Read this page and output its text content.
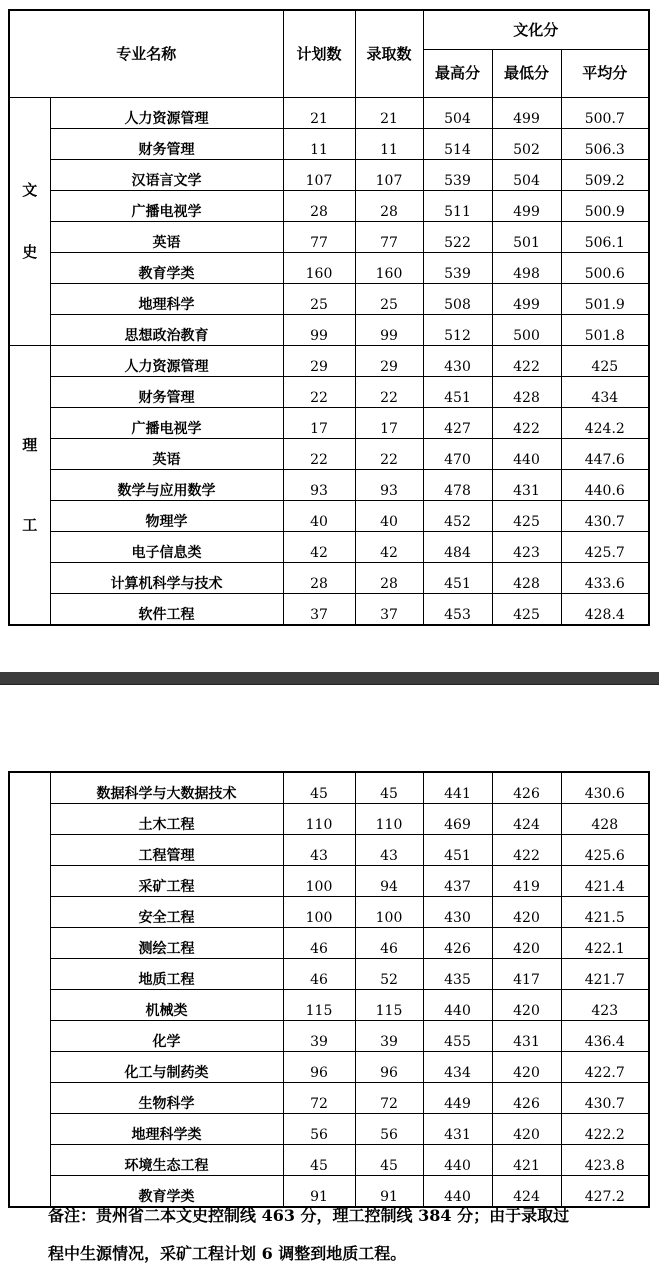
专业名称		计划数	录取数	文化分		
				最高分	最低分	平均分

文
史	人力资源管理	21	21	504	499	500.7
	财务管理	11	11	514	502	506.3
	汉语言文学	107	107	539	504	509.2
	广播电视学	28	28	511	499	500.9
	英语	77	77	522	501	506.1
	教育学类	160	160	539	498	500.6
	地理科学	25	25	508	499	501.9
	思想政治教育	99	99	512	500	501.8

理
工	人力资源管理	29	29	430	422	425
	财务管理	22	22	451	428	434
	广播电视学	17	17	427	422	424.2
	英语	22	22	470	440	447.6
	数学与应用数学	93	93	478	431	440.6
	物理学	40	40	452	425	430.7
	电子信息类	42	42	484	423	425.7
	计算机科学与技术	28	28	451	428	433.6
	软件工程	37	37	453	425	428.4
	数据科学与大数据技术	45	45	441	426	430.6
	土木工程	110	110	469	424	428
	工程管理	43	43	451	422	425.6
	采矿工程	100	94	437	419	421.4
	安全工程	100	100	430	420	421.5
	测绘工程	46	46	426	420	422.1
	地质工程	46	52	435	417	421.7
	机械类	115	115	440	420	423
	化学	39	39	455	431	436.4
	化工与制药类	96	96	434	420	422.7
	生物科学	72	72	449	426	430.7
	地理科学类	56	56	431	420	422.2
	环境生态工程	45	45	440	421	423.8
	教育学类	91	91	440	424	427.2
备注：贵州省二本文史控制线 463 分，理工控制线 384 分；由于录取过
程中生源情况，采矿工程计划 6 调整到地质工程。
